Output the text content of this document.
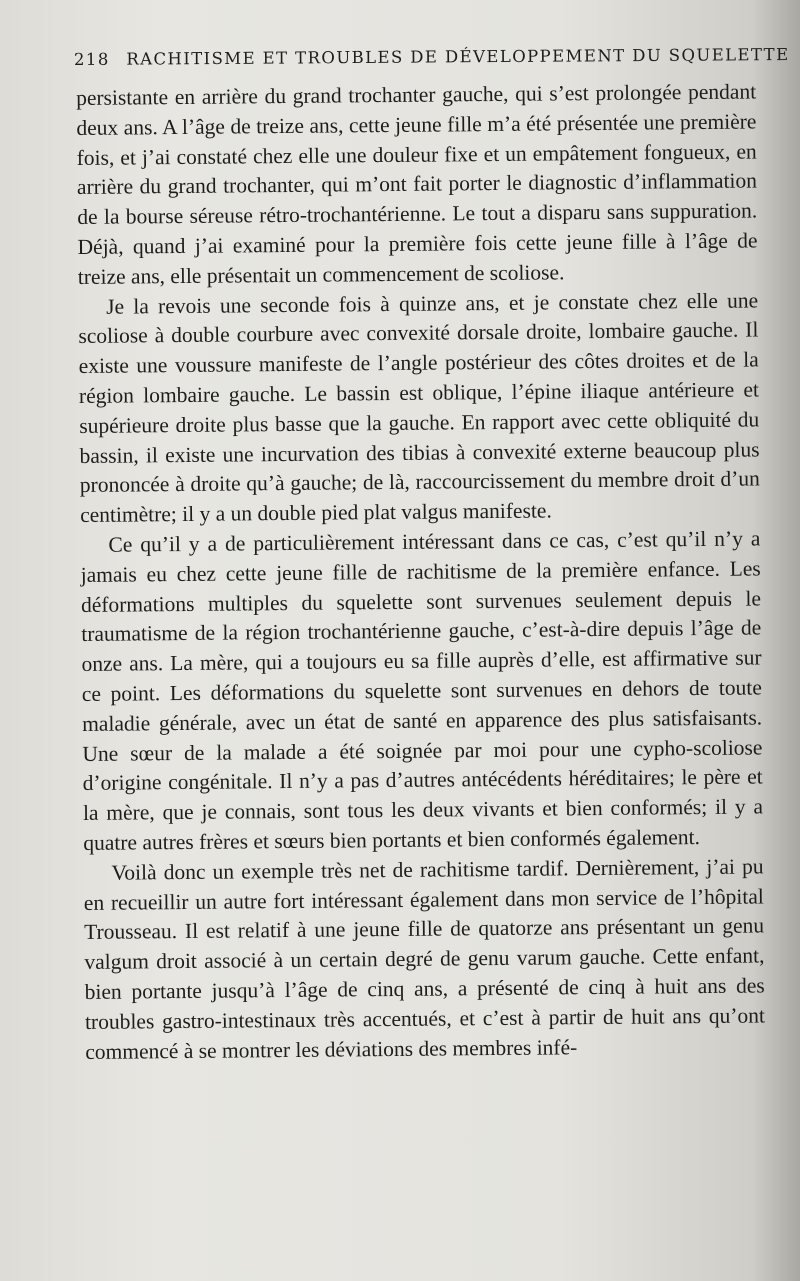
218 RACHITISME ET TROUBLES DE DÉVELOPPEMENT DU SQUELETTE

persistante en arrière du grand trochanter gauche, qui s’est prolongée pendant deux ans. A l’âge de treize ans, cette jeune fille m’a été présentée une première fois, et j’ai constaté chez elle une douleur fixe et un empâtement fongueux, en arrière du grand trochanter, qui m’ont fait porter le diagnostic d’inflammation de la bourse séreuse rétro-trochantérienne. Le tout a disparu sans suppuration. Déjà, quand j’ai examiné pour la première fois cette jeune fille à l’âge de treize ans, elle présentait un commencement de scoliose.

Je la revois une seconde fois à quinze ans, et je constate chez elle une scoliose à double courbure avec convexité dorsale droite, lombaire gauche. Il existe une voussure manifeste de l’angle postérieur des côtes droites et de la région lombaire gauche. Le bassin est oblique, l’épine iliaque antérieure et supérieure droite plus basse que la gauche. En rapport avec cette obliquité du bassin, il existe une incurvation des tibias à convexité externe beaucoup plus prononcée à droite qu’à gauche; de là, raccourcissement du membre droit d’un centimètre; il y a un double pied plat valgus manifeste.

Ce qu’il y a de particulièrement intéressant dans ce cas, c’est qu’il n’y a jamais eu chez cette jeune fille de rachitisme de la première enfance. Les déformations multiples du squelette sont survenues seulement depuis le traumatisme de la région trochantérienne gauche, c’est-à-dire depuis l’âge de onze ans. La mère, qui a toujours eu sa fille auprès d’elle, est affirmative sur ce point. Les déformations du squelette sont survenues en dehors de toute maladie générale, avec un état de santé en apparence des plus satisfaisants. Une sœur de la malade a été soignée par moi pour une cypho-scoliose d’origine congénitale. Il n’y a pas d’autres antécédents héréditaires; le père et la mère, que je connais, sont tous les deux vivants et bien conformés; il y a quatre autres frères et sœurs bien portants et bien conformés également.

Voilà donc un exemple très net de rachitisme tardif. Dernièrement, j’ai pu en recueillir un autre fort intéressant également dans mon service de l’hôpital Trousseau. Il est relatif à une jeune fille de quatorze ans présentant un genu valgum droit associé à un certain degré de genu varum gauche. Cette enfant, bien portante jusqu’à l’âge de cinq ans, a présenté de cinq à huit ans des troubles gastro-intestinaux très accentués, et c’est à partir de huit ans qu’ont commencé à se montrer les déviations des membres infé-
